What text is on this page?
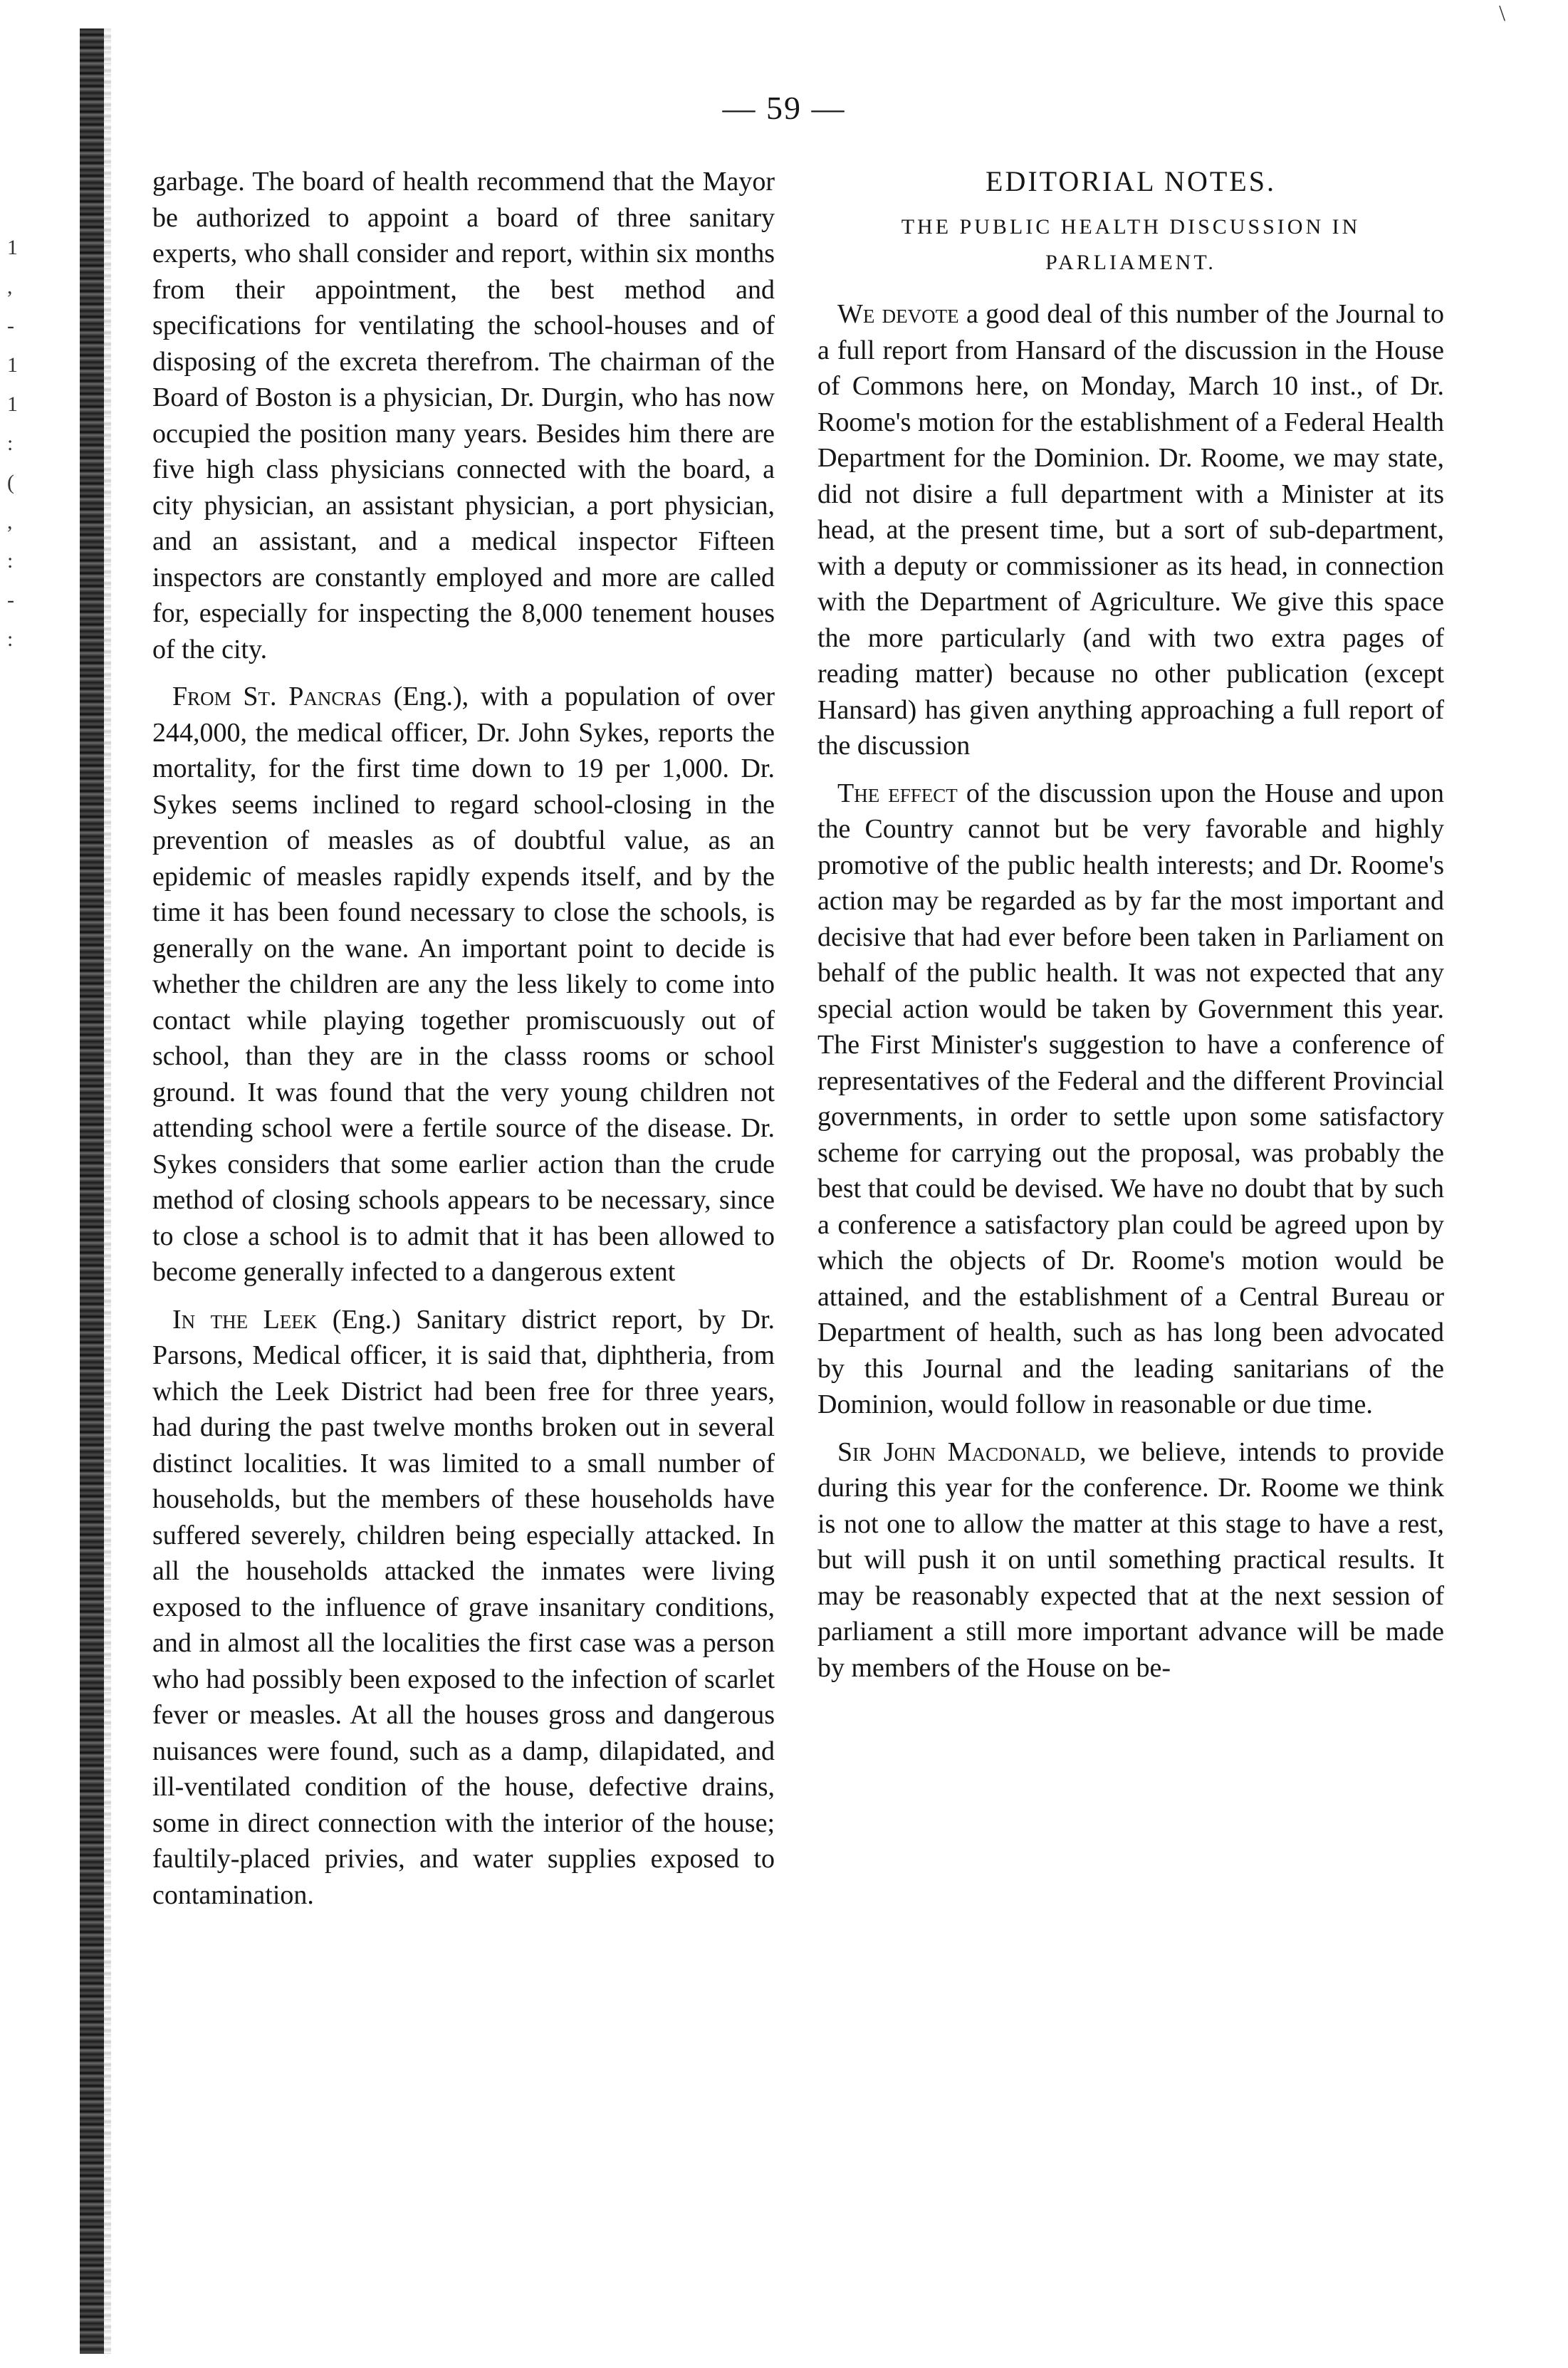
1
,
-
1
1
:
(
,
:
-
:
\
— 59 —

garbage. The board of health recommend that the Mayor be authorized to appoint a board of three sanitary experts, who shall consider and report, within six months from their appointment, the best method and specifications for ventilating the school-houses and of disposing of the excreta therefrom. The chairman of the Board of Boston is a physician, Dr. Durgin, who has now occupied the position many years. Besides him there are five high class physicians connected with the board, a city physician, an assistant physician, a port physician, and an assistant, and a medical inspector Fifteen inspectors are constantly employed and more are called for, especially for inspecting the 8,000 tenement houses of the city.

From St. Pancras (Eng.), with a population of over 244,000, the medical officer, Dr. John Sykes, reports the mortality, for the first time down to 19 per 1,000. Dr. Sykes seems inclined to regard school-closing in the prevention of measles as of doubtful value, as an epidemic of measles rapidly expends itself, and by the time it has been found necessary to close the schools, is generally on the wane. An important point to decide is whether the children are any the less likely to come into contact while playing together promiscuously out of school, than they are in the classs rooms or school ground. It was found that the very young children not attending school were a fertile source of the disease. Dr. Sykes considers that some earlier action than the crude method of closing schools appears to be necessary, since to close a school is to admit that it has been allowed to become generally infected to a dangerous extent

In the Leek (Eng.) Sanitary district report, by Dr. Parsons, Medical officer, it is said that, diphtheria, from which the Leek District had been free for three years, had during the past twelve months broken out in several distinct localities. It was limited to a small number of households, but the members of these households have suffered severely, children being especially attacked. In all the households attacked the inmates were living exposed to the influence of grave insanitary conditions, and in almost all the localities the first case was a person who had possibly been exposed to the infection of scarlet fever or measles. At all the houses gross and dangerous nuisances were found, such as a damp, dilapidated, and ill-ventilated condition of the house, defective drains, some in direct connection with the interior of the house; faultily-placed privies, and water supplies exposed to contamination.

EDITORIAL NOTES.
THE PUBLIC HEALTH DISCUSSION IN PARLIAMENT.

We devote a good deal of this number of the Journal to a full report from Hansard of the discussion in the House of Commons here, on Monday, March 10 inst., of Dr. Roome's motion for the establishment of a Federal Health Department for the Dominion. Dr. Roome, we may state, did not disire a full department with a Minister at its head, at the present time, but a sort of sub-department, with a deputy or commissioner as its head, in connection with the Department of Agriculture. We give this space the more particularly (and with two extra pages of reading matter) because no other publication (except Hansard) has given anything approaching a full report of the discussion

The effect of the discussion upon the House and upon the Country cannot but be very favorable and highly promotive of the public health interests; and Dr. Roome's action may be regarded as by far the most important and decisive that had ever before been taken in Parliament on behalf of the public health. It was not expected that any special action would be taken by Government this year. The First Minister's suggestion to have a conference of representatives of the Federal and the different Provincial governments, in order to settle upon some satisfactory scheme for carrying out the proposal, was probably the best that could be devised. We have no doubt that by such a conference a satisfactory plan could be agreed upon by which the objects of Dr. Roome's motion would be attained, and the establishment of a Central Bureau or Department of health, such as has long been advocated by this Journal and the leading sanitarians of the Dominion, would follow in reasonable or due time.

Sir John Macdonald, we believe, intends to provide during this year for the conference. Dr. Roome we think is not one to allow the matter at this stage to have a rest, but will push it on until something practical results. It may be reasonably expected that at the next session of parliament a still more important advance will be made by members of the House on be-
